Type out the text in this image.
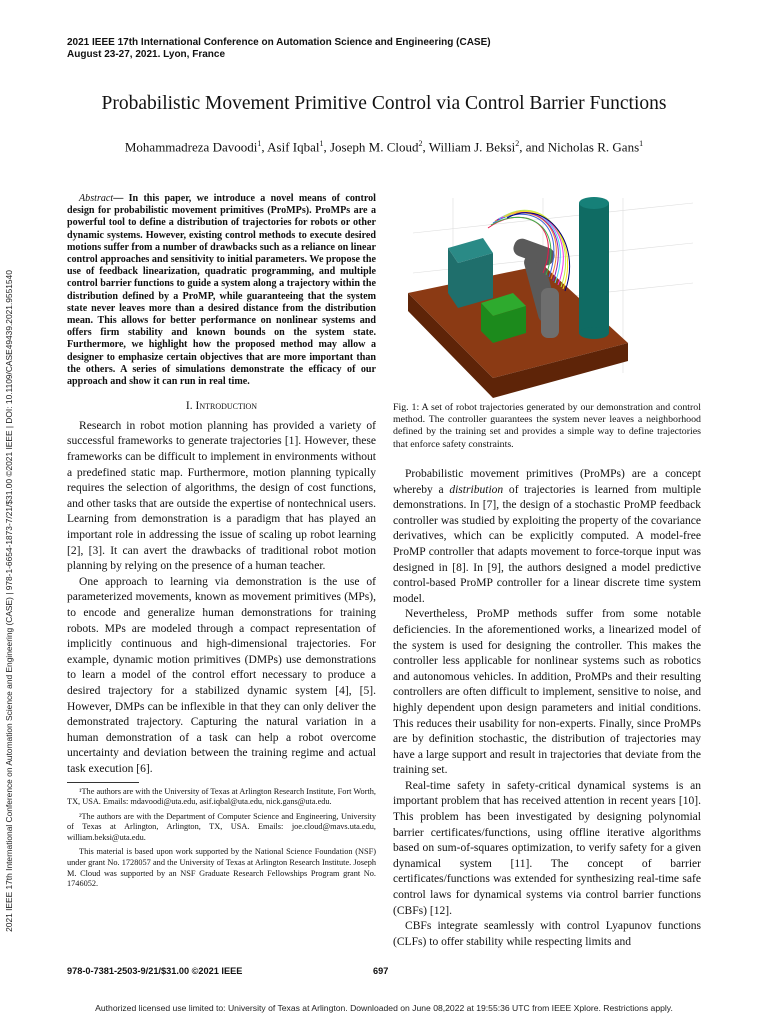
2021 IEEE 17th International Conference on Automation Science and Engineering (CASE)
August 23-27, 2021. Lyon, France
Probabilistic Movement Primitive Control via Control Barrier Functions
Mohammadreza Davoodi$^1$, Asif Iqbal$^1$, Joseph M. Cloud$^2$, William J. Beksi$^2$, and Nicholas R. Gans$^1$
2021 IEEE 17th International Conference on Automation Science and Engineering (CASE) | 978-1-6654-1873-7/21/$31.00 ©2021 IEEE | DOI: 10.1109/CASE49439.2021.9551540

Abstract— In this paper, we introduce a novel means of control design for probabilistic movement primitives (ProMPs). ProMPs are a powerful tool to define a distribution of trajectories for robots or other dynamic systems. However, existing control methods to execute desired motions suffer from a number of drawbacks such as a reliance on linear control approaches and sensitivity to initial parameters. We propose the use of feedback linearization, quadratic programming, and multiple control barrier functions to guide a system along a trajectory within the distribution defined by a ProMP, while guaranteeing that the system state never leaves more than a desired distance from the distribution mean. This allows for better performance on nonlinear systems and offers firm stability and known bounds on the system state. Furthermore, we highlight how the proposed method may allow a designer to emphasize certain objectives that are more important than the others. A series of simulations demonstrate the efficacy of our approach and show it can run in real time.

I. Introduction

Research in robot motion planning has provided a variety of successful frameworks to generate trajectories [1]. However, these frameworks can be difficult to implement in environments without a predefined static map. Furthermore, motion planning typically requires the selection of algorithms, the design of cost functions, and other tasks that are outside the expertise of nontechnical users. Learning from demonstration is a paradigm that has played an important role in addressing the issue of scaling up robot learning [2], [3]. It can avert the drawbacks of traditional robot motion planning by relying on the presence of a human teacher.

One approach to learning via demonstration is the use of parameterized movements, known as movement primitives (MPs), to encode and generalize human demonstrations for training robots. MPs are modeled through a compact representation of implicitly continuous and high-dimensional trajectories. For example, dynamic motion primitives (DMPs) use demonstrations to learn a model of the control effort necessary to produce a desired trajectory for a stabilized dynamic system [4], [5]. However, DMPs can be inflexible in that they can only deliver the demonstrated trajectory. Capturing the natural variation in a human demonstration of a task can help a robot overcome uncertainty and deviation between the training regime and actual task execution [6].

¹The authors are with the University of Texas at Arlington Research Institute, Fort Worth, TX, USA. Emails: mdavoodi@uta.edu, asif.iqbal@uta.edu, nick.gans@uta.edu.

²The authors are with the Department of Computer Science and Engineering, University of Texas at Arlington, Arlington, TX, USA. Emails: joe.cloud@mavs.uta.edu, william.beksi@uta.edu.

This material is based upon work supported by the National Science Foundation (NSF) under grant No. 1728057 and the University of Texas at Arlington Research Institute. Joseph M. Cloud was supported by an NSF Graduate Research Fellowships Program grant No. 1746052.

Fig. 1: A set of robot trajectories generated by our demonstration and control method. The controller guarantees the system never leaves a neighborhood defined by the training set and provides a simple way to define trajectories that enforce safety constraints.

Probabilistic movement primitives (ProMPs) are a concept whereby a distribution of trajectories is learned from multiple demonstrations. In [7], the design of a stochastic ProMP feedback controller was studied by exploiting the property of the covariance derivatives, which can be explicitly computed. A model-free ProMP controller that adapts movement to force-torque input was designed in [8]. In [9], the authors designed a model predictive control-based ProMP controller for a linear discrete time system model.

Nevertheless, ProMP methods suffer from some notable deficiencies. In the aforementioned works, a linearized model of the system is used for designing the controller. This makes the controller less applicable for nonlinear systems such as robotics and autonomous vehicles. In addition, ProMPs and their resulting controllers are often difficult to implement, sensitive to noise, and highly dependent upon design parameters and initial conditions. This reduces their usability for non-experts. Finally, since ProMPs are by definition stochastic, the distribution of trajectories may have a large support and result in trajectories that deviate from the training set.

Real-time safety in safety-critical dynamical systems is an important problem that has received attention in recent years [10]. This problem has been investigated by designing polynomial barrier certificates/functions, using offline iterative algorithms based on sum-of-squares optimization, to verify safety for a given dynamical system [11]. The concept of barrier certificates/functions was extended for synthesizing real-time safe control laws for dynamical systems via control barrier functions (CBFs) [12].

CBFs integrate seamlessly with control Lyapunov functions (CLFs) to offer stability while respecting limits and

978-0-7381-2503-9/21/$31.00 ©2021 IEEE	697
Authorized licensed use limited to: University of Texas at Arlington. Downloaded on June 08,2022 at 19:55:36 UTC from IEEE Xplore. Restrictions apply.
